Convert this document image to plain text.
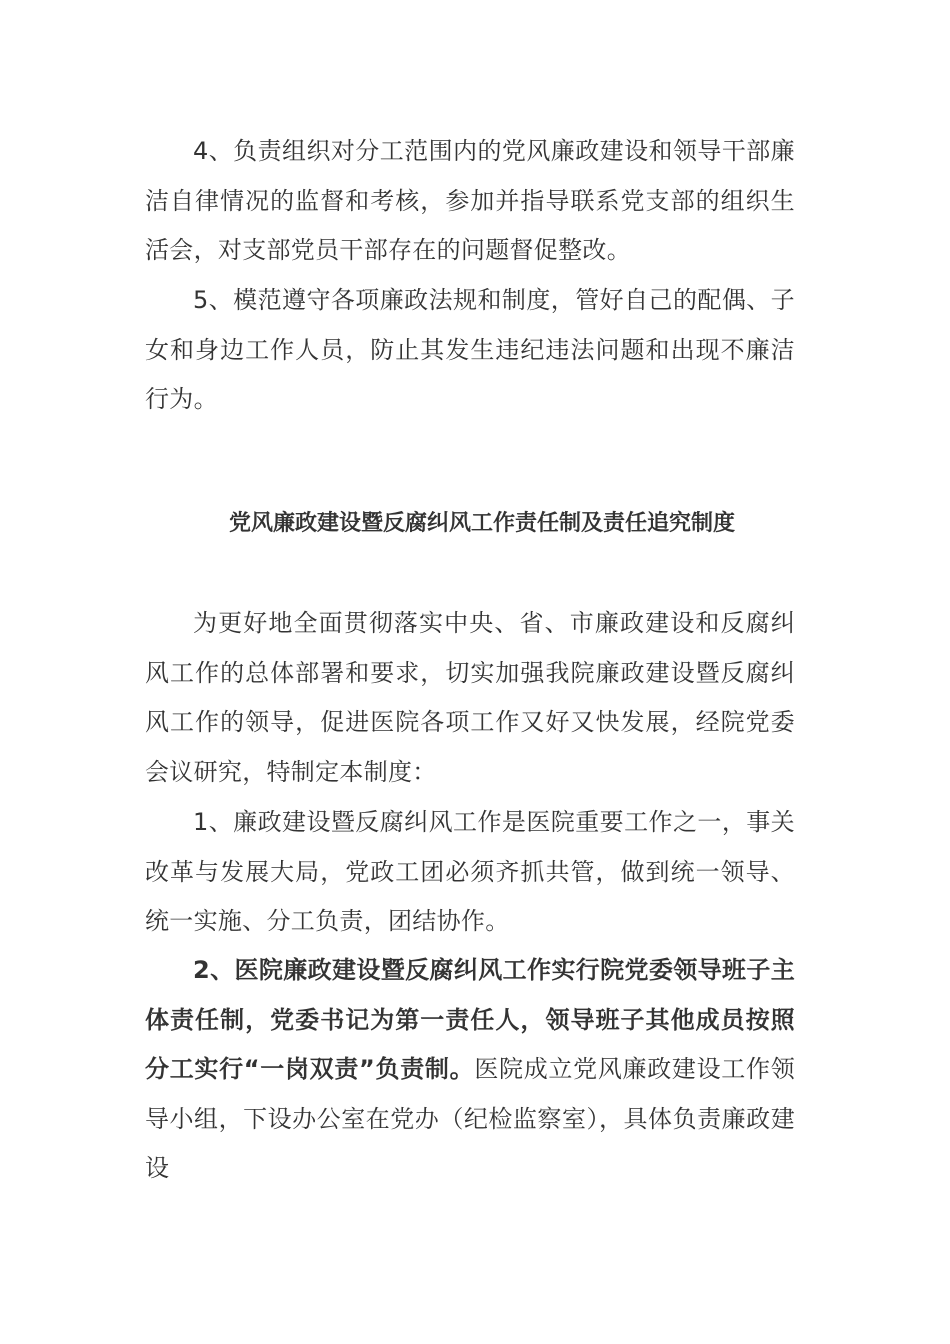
4、负责组织对分工范围内的党风廉政建设和领导干部廉洁自律情况的监督和考核，参加并指导联系党支部的组织生活会，对支部党员干部存在的问题督促整改。

5、模范遵守各项廉政法规和制度，管好自己的配偶、子女和身边工作人员，防止其发生违纪违法问题和出现不廉洁行为。

党风廉政建设暨反腐纠风工作责任制及责任追究制度

为更好地全面贯彻落实中央、省、市廉政建设和反腐纠风工作的总体部署和要求，切实加强我院廉政建设暨反腐纠风工作的领导，促进医院各项工作又好又快发展，经院党委会议研究，特制定本制度：

1、廉政建设暨反腐纠风工作是医院重要工作之一，事关改革与发展大局，党政工团必须齐抓共管，做到统一领导、统一实施、分工负责，团结协作。

2、医院廉政建设暨反腐纠风工作实行院党委领导班子主体责任制，党委书记为第一责任人，领导班子其他成员按照分工实行“一岗双责”负责制。医院成立党风廉政建设工作领导小组，下设办公室在党办（纪检监察室），具体负责廉政建设
